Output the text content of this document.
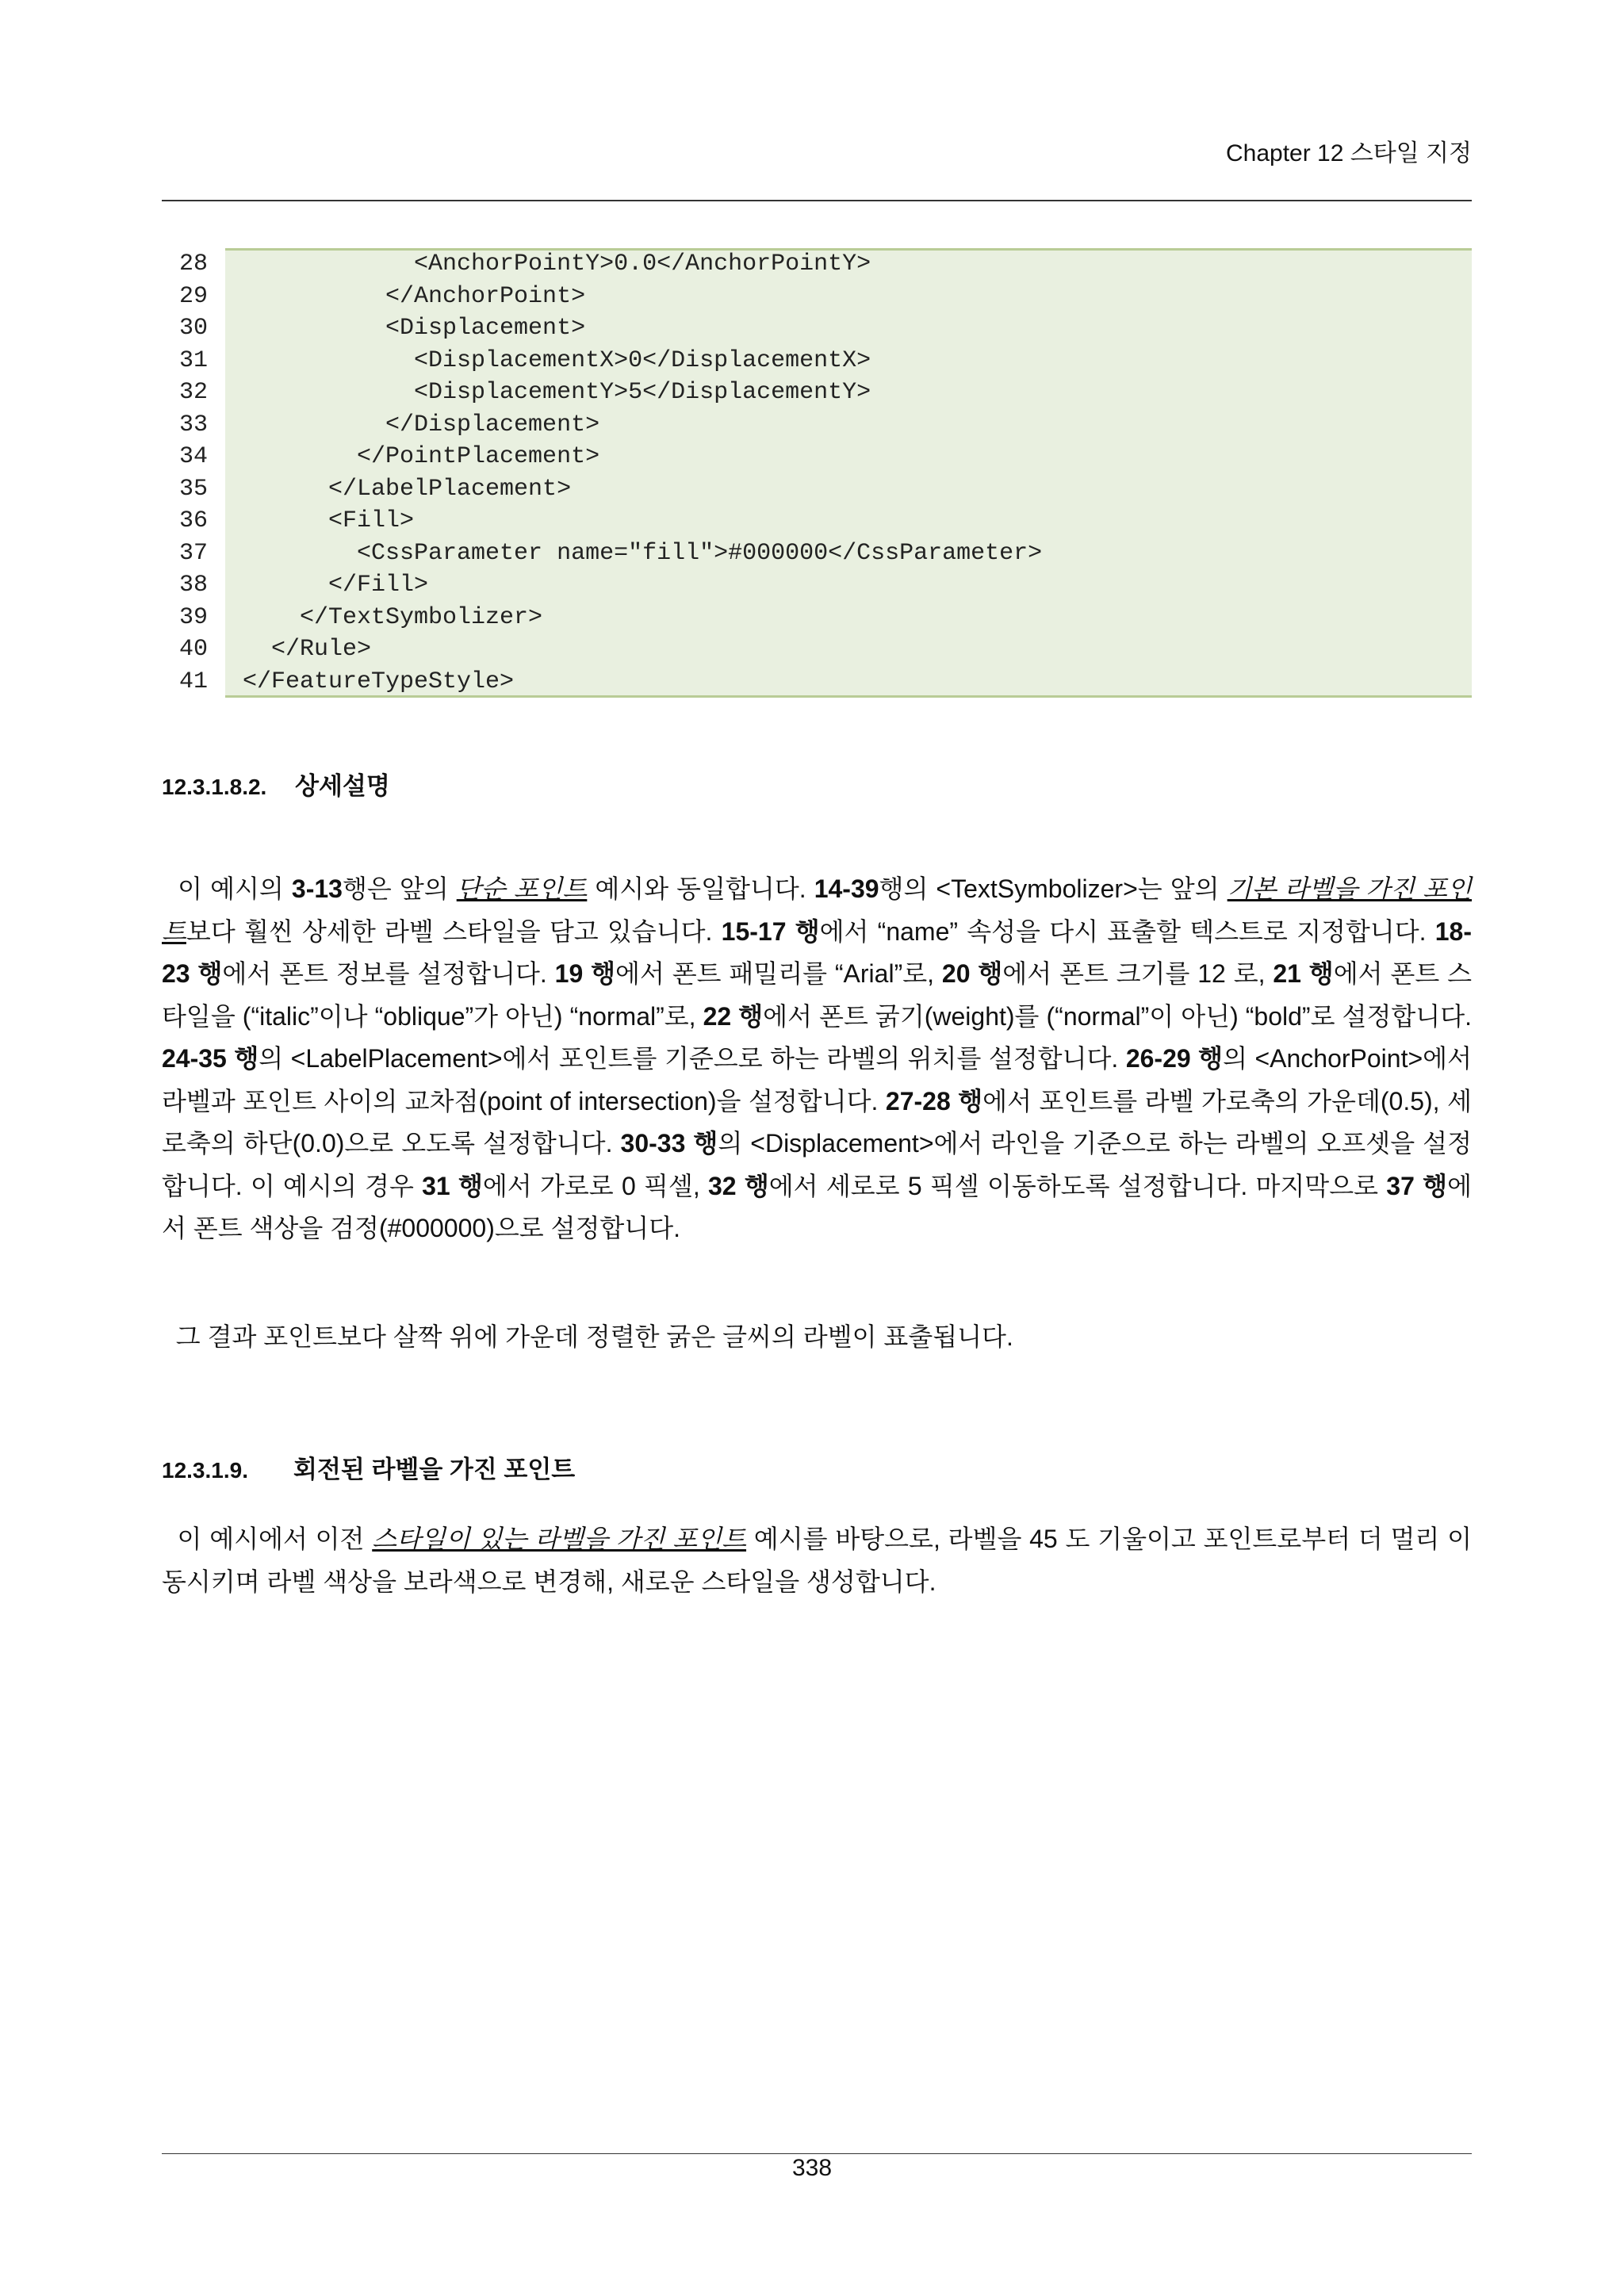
Chapter 12 스타일 지정
28	<AnchorPointY>0.0</AnchorPointY>
29	</AnchorPoint>
30	<Displacement>
31	<DisplacementX>0</DisplacementX>
32	<DisplacementY>5</DisplacementY>
33	</Displacement>
34	</PointPlacement>
35	</LabelPlacement>
36	<Fill>
37	<CssParameter name="fill">#000000</CssParameter>
38	</Fill>
39	</TextSymbolizer>
40	</Rule>
41	</FeatureTypeStyle>
12.3.1.8.2. 상세설명
이 예시의 3-13행은 앞의 단순 포인트 예시와 동일합니다. 14-39행의 <TextSymbolizer>는 앞의 기본 라벨을 가진 포인트보다 훨씬 상세한 라벨 스타일을 담고 있습니다. 15-17 행에서 “name” 속성을 다시 표출할 텍스트로 지정합니다. 18-23 행에서 폰트 정보를 설정합니다. 19 행에서 폰트 패밀리를 “Arial”로, 20 행에서 폰트 크기를 12 로, 21 행에서 폰트 스타일을 (“italic”이나 “oblique”가 아닌) “normal”로, 22 행에서 폰트 굵기(weight)를 (“normal”이 아닌) “bold”로 설정합니다. 24-35 행의 <LabelPlacement>에서 포인트를 기준으로 하는 라벨의 위치를 설정합니다. 26-29 행의 <AnchorPoint>에서 라벨과 포인트 사이의 교차점(point of intersection)을 설정합니다. 27-28 행에서 포인트를 라벨 가로축의 가운데(0.5), 세로축의 하단(0.0)으로 오도록 설정합니다. 30-33 행의 <Displacement>에서 라인을 기준으로 하는 라벨의 오프셋을 설정합니다. 이 예시의 경우 31 행에서 가로로 0 픽셀, 32 행에서 세로로 5 픽셀 이동하도록 설정합니다. 마지막으로 37 행에서 폰트 색상을 검정(#000000)으로 설정합니다.
그 결과 포인트보다 살짝 위에 가운데 정렬한 굵은 글씨의 라벨이 표출됩니다.
12.3.1.9. 회전된 라벨을 가진 포인트
이 예시에서 이전 스타일이 있는 라벨을 가진 포인트 예시를 바탕으로, 라벨을 45 도 기울이고 포인트로부터 더 멀리 이동시키며 라벨 색상을 보라색으로 변경해, 새로운 스타일을 생성합니다.
338
